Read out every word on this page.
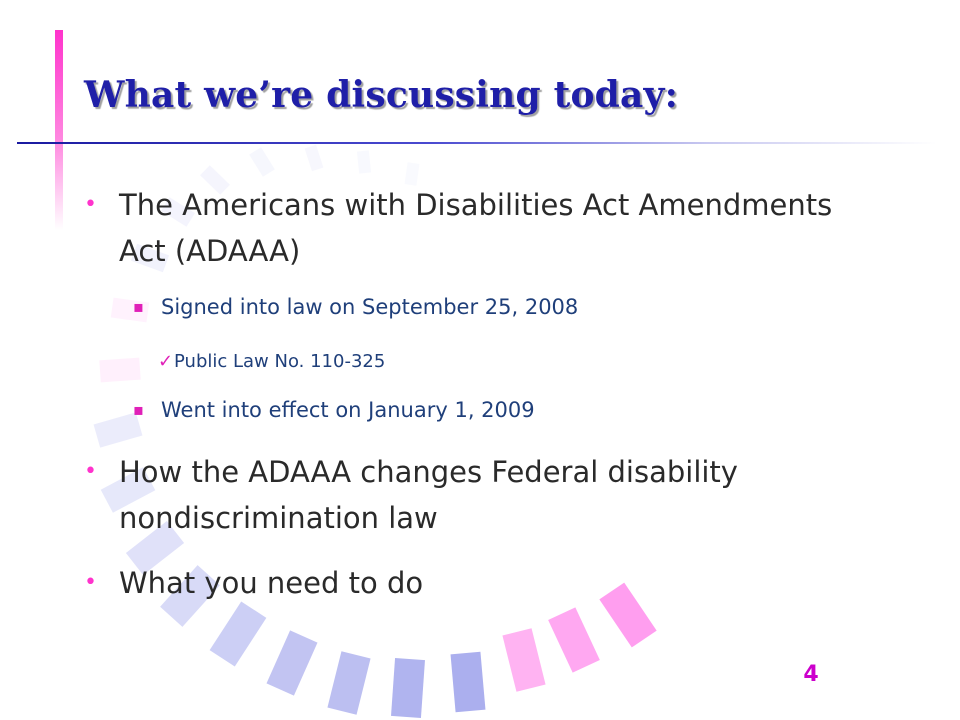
What we’re discussing today:
• The Americans with Disabilities Act Amendments Act (ADAAA)
▪ Signed into law on September 25, 2008
✓ Public Law No. 110-325
▪ Went into effect on January 1, 2009
• How the ADAAA changes Federal disability nondiscrimination law
• What you need to do
4
